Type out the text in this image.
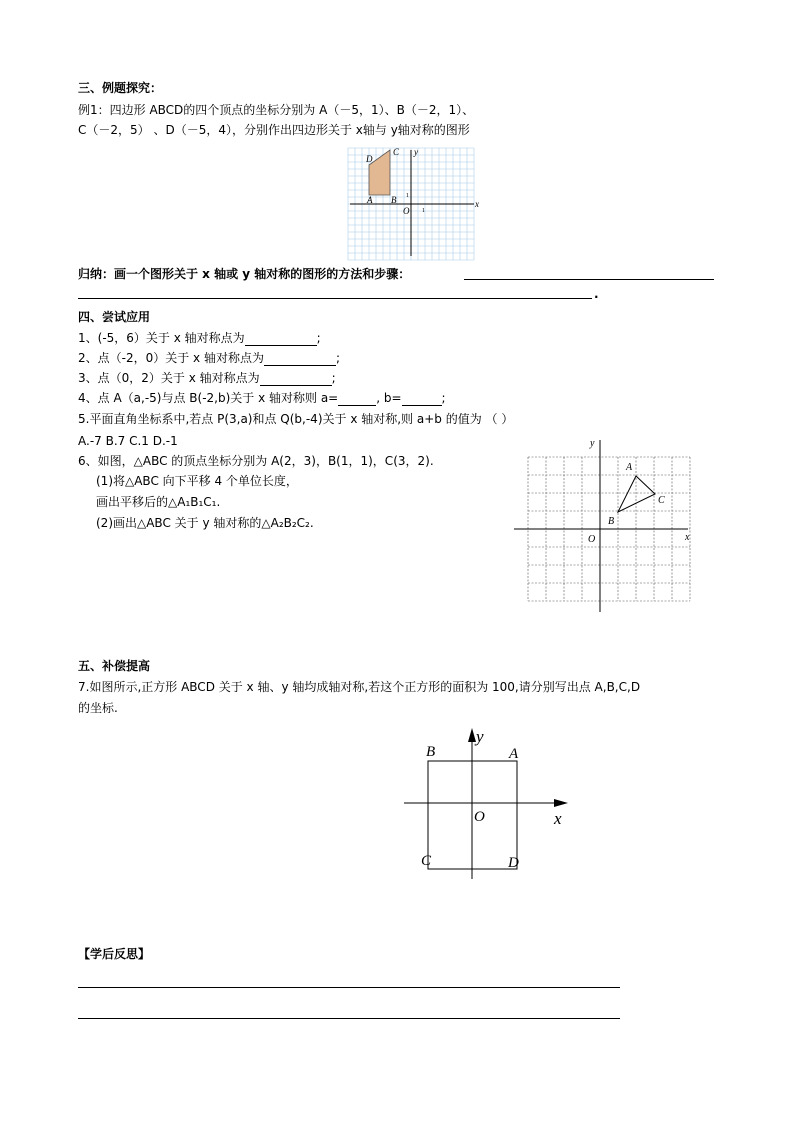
三、例题探究：
例1：四边形 ABCD的四个顶点的坐标分别为 A（－5，1）、B（－2，1）、
C（－2，5） 、D（－5，4），分别作出四边形关于 x轴与 y轴对称的图形
D
C
A B
O
x
y
1
1
归纳：画一个图形关于 x 轴或 y 轴对称的图形的方法和步骤：
.
四、尝试应用
1、(-5，6）关于 x 轴对称点为	;
2、点（-2，0）关于 x 轴对称点为	;
3、点（0，2）关于 x 轴对称点为	;
4、点 A（a,-5)与点 B(-2,b)关于 x 轴对称则 a=	, b=	;
5.平面直角坐标系中,若点 P(3,a)和点 Q(b,-4)关于 x 轴对称,则 a+b 的值为 （ ）
A.-7 B.7 C.1 D.-1
6、如图，△ABC 的顶点坐标分别为 A(2，3)，B(1，1)，C(3，2).
(1)将△ABC 向下平移 4 个单位长度，
画出平移后的△A₁B₁C₁.
(2)画出△ABC 关于 y 轴对称的△A₂B₂C₂.
A
B
C
O	x
y
五、补偿提高
7.如图所示,正方形 ABCD 关于 x 轴、y 轴均成轴对称,若这个正方形的面积为 100,请分别写出点 A,B,C,D
的坐标.
B	A
C	D
O	x
y
【学后反思】
